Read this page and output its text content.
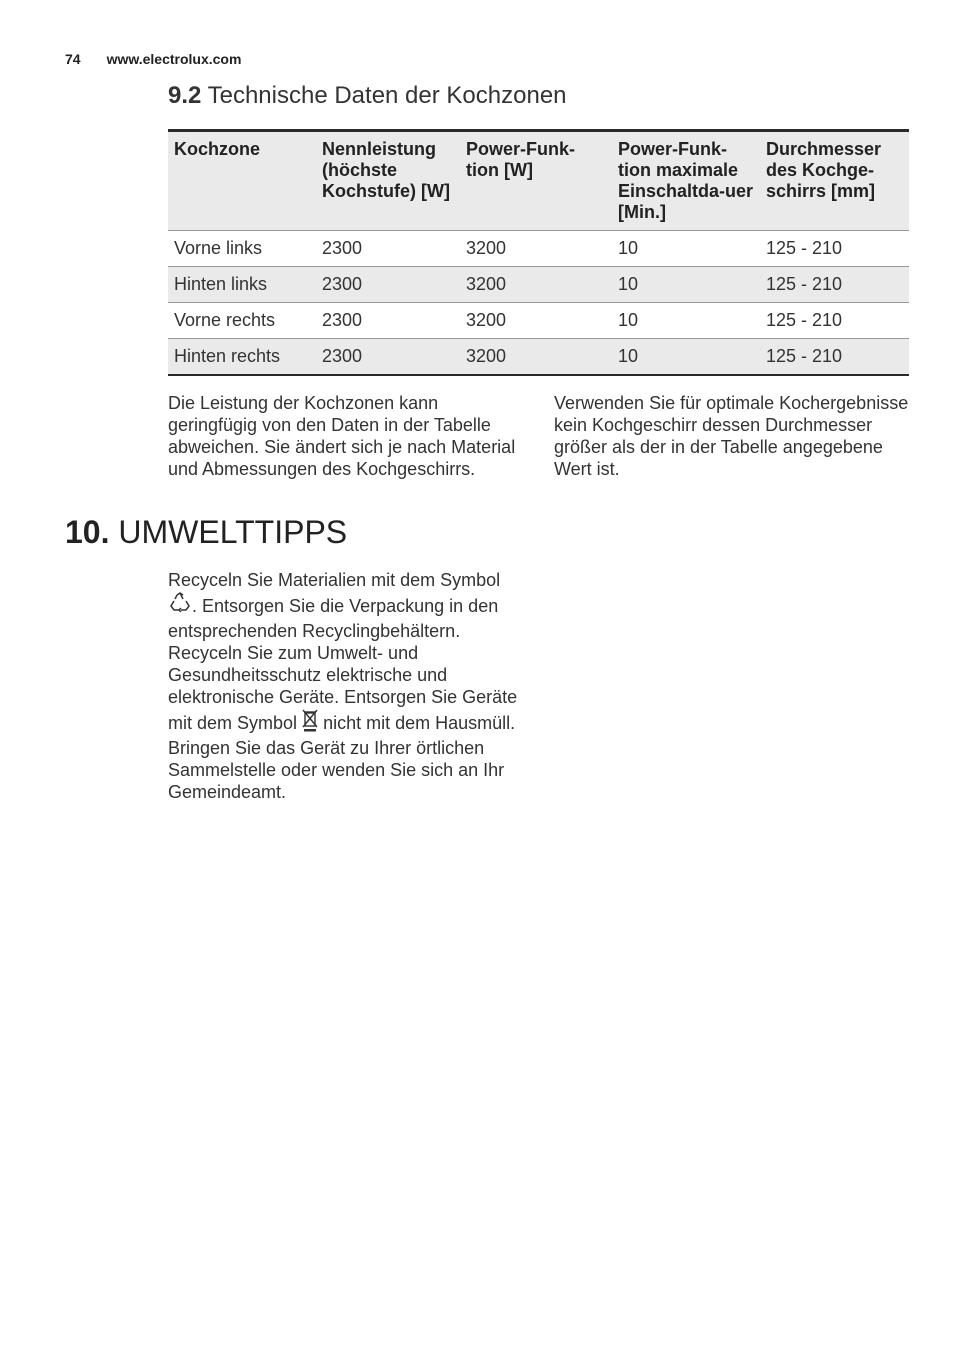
74 www.electrolux.com
9.2 Technische Daten der Kochzonen
Kochzone	Nennleistung (höchste Kochstufe) [W]	Power-Funk-tion [W]	Power-Funk-tion maximale Einschaltda-uer [Min.]	Durchmesser des Kochge-schirrs [mm]
Vorne links	2300	3200	10	125 - 210
Hinten links	2300	3200	10	125 - 210
Vorne rechts	2300	3200	10	125 - 210
Hinten rechts	2300	3200	10	125 - 210
Die Leistung der Kochzonen kann geringfügig von den Daten in der Tabelle abweichen. Sie ändert sich je nach Material und Abmessungen des Kochgeschirrs.
Verwenden Sie für optimale Kochergebnisse kein Kochgeschirr dessen Durchmesser größer als der in der Tabelle angegebene Wert ist.
10. UMWELTTIPPS
Recyceln Sie Materialien mit dem Symbol . Entsorgen Sie die Verpackung in den entsprechenden Recyclingbehältern. Recyceln Sie zum Umwelt- und Gesundheitsschutz elektrische und elektronische Geräte. Entsorgen Sie Geräte mit dem Symbol nicht mit dem Hausmüll. Bringen Sie das Gerät zu Ihrer örtlichen Sammelstelle oder wenden Sie sich an Ihr Gemeindeamt.
